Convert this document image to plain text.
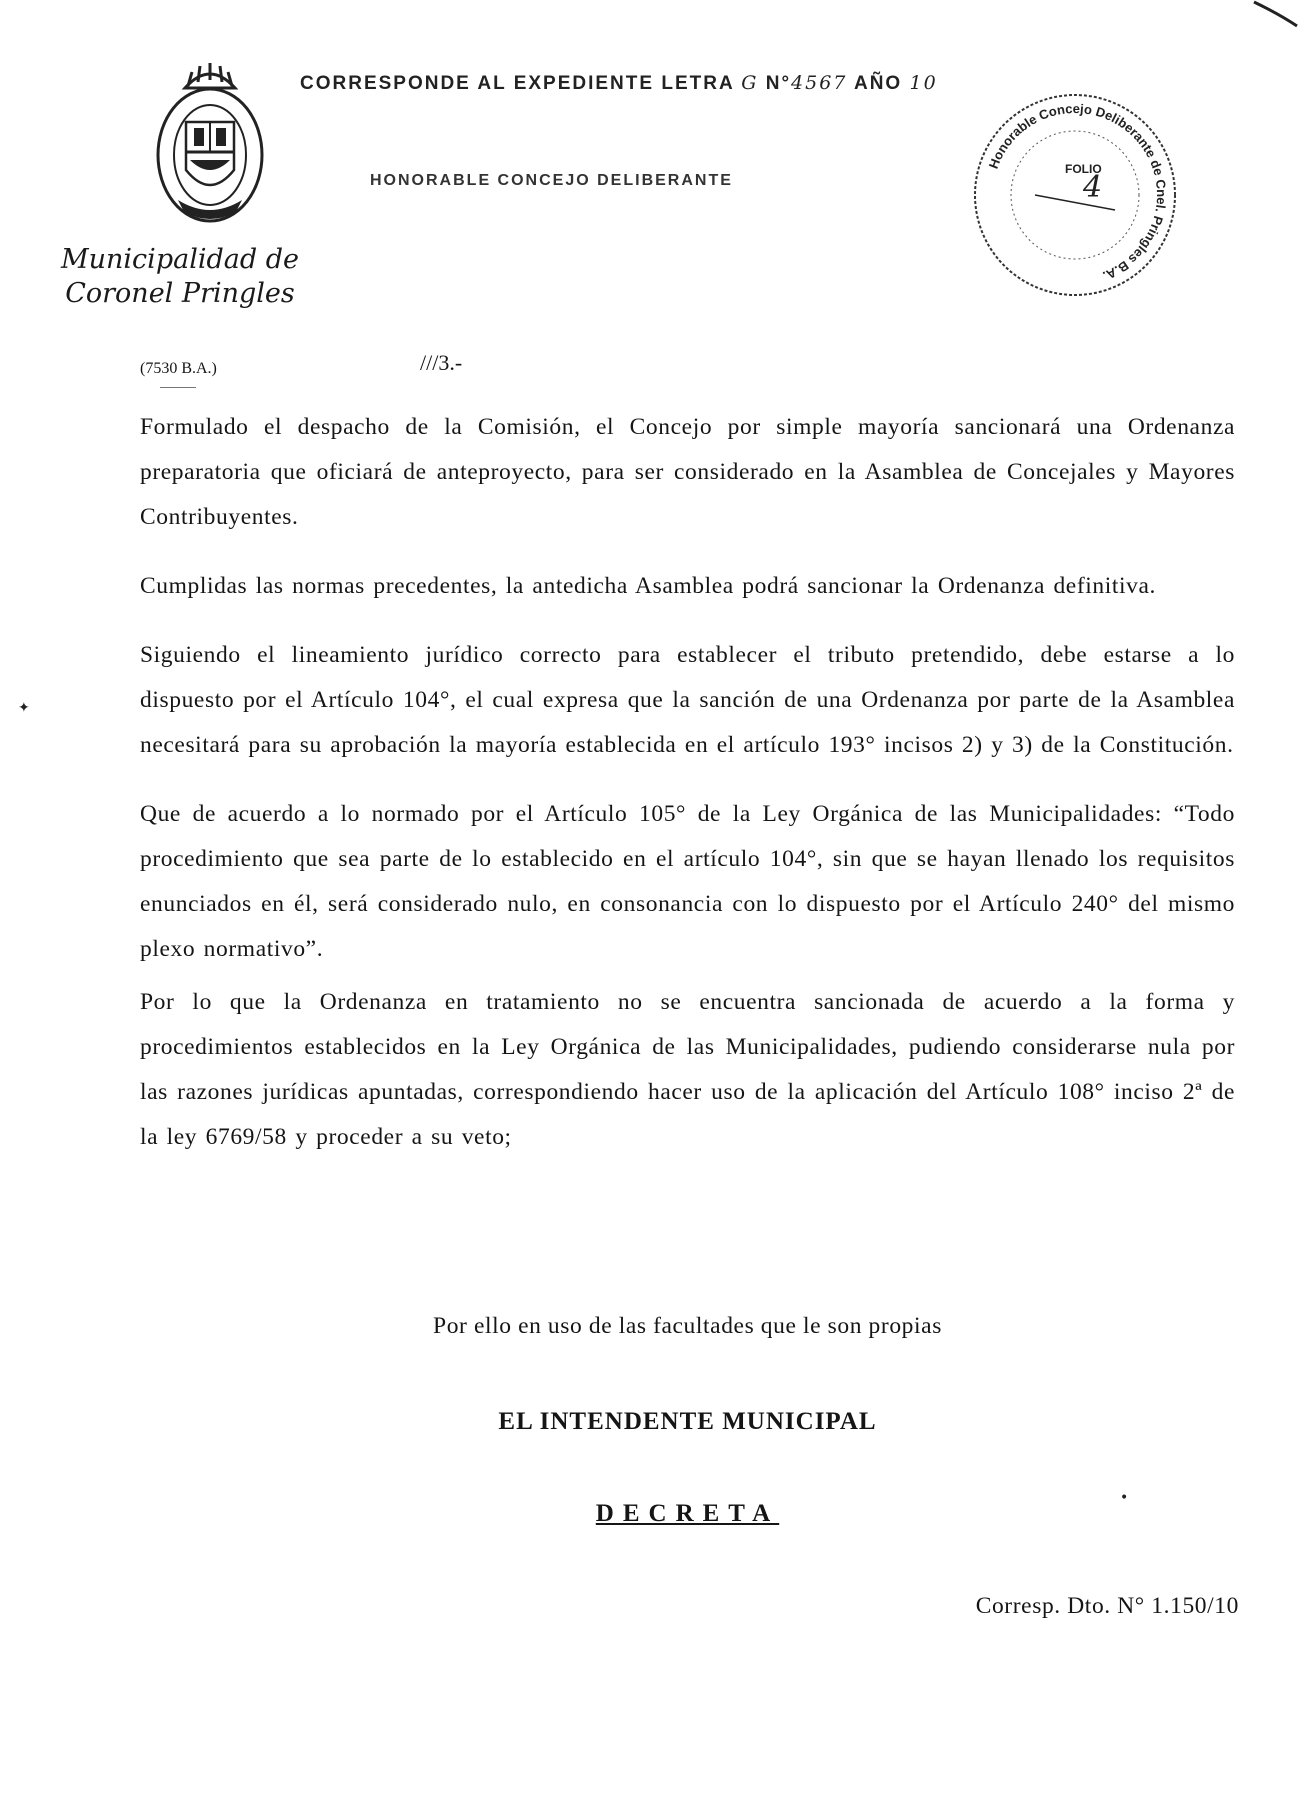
Municipalidad de
Coronel Pringles
(7530 B.A.)
CORRESPONDE AL EXPEDIENTE LETRA G N°4567 AÑO 10
HONORABLE CONCEJO DELIBERANTE
Honorable Concejo Deliberante de Cnel. Pringles B.A.
FOLIO
4
///3.-

Formulado el despacho de la Comisión, el Concejo por simple mayoría sancionará una Ordenanza preparatoria que oficiará de anteproyecto, para ser considerado en la Asamblea de Concejales y Mayores Contribuyentes.

Cumplidas las normas precedentes, la antedicha Asamblea podrá sancionar la Ordenanza definitiva.

Siguiendo el lineamiento jurídico correcto para establecer el tributo pretendido, debe estarse a lo dispuesto por el Artículo 104°, el cual expresa que la sanción de una Ordenanza por parte de la Asamblea necesitará para su aprobación la mayoría establecida en el artículo 193° incisos 2) y 3) de la Constitución.

Que de acuerdo a lo normado por el Artículo 105° de la Ley Orgánica de las Municipalidades: “Todo procedimiento que sea parte de lo establecido en el artículo 104°, sin que se hayan llenado los requisitos enunciados en él, será considerado nulo, en consonancia con lo dispuesto por el Artículo 240° del mismo plexo normativo”.

Por lo que la Ordenanza en tratamiento no se encuentra sancionada de acuerdo a la forma y procedimientos establecidos en la Ley Orgánica de las Municipalidades, pudiendo considerarse nula por las razones jurídicas apuntadas, correspondiendo hacer uso de la aplicación del Artículo 108° inciso 2ª de la ley 6769/58 y proceder a su veto;

Por ello en uso de las facultades que le son propias
EL INTENDENTE MUNICIPAL
DECRETA
Corresp. Dto. N° 1.150/10
✦
•
